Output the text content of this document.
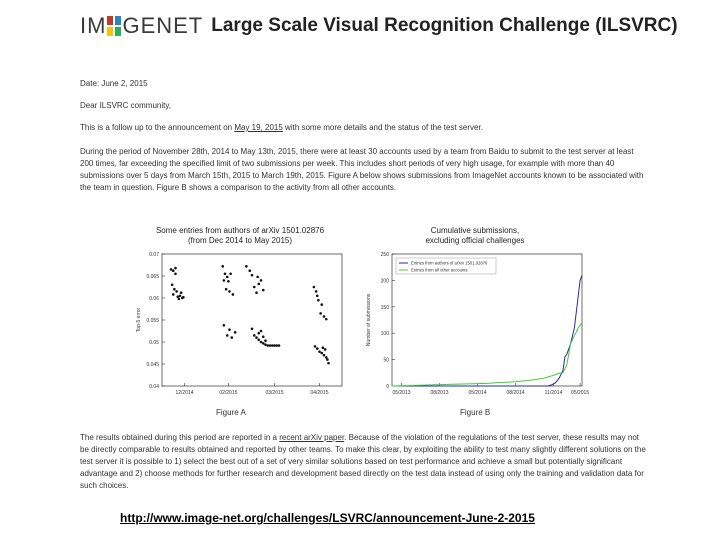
IM GENET Large Scale Visual Recognition Challenge (ILSVRC)

Date: June 2, 2015

Dear ILSVRC community,

This is a follow up to the announcement on May 19, 2015 with some more details and the status of the test server.

During the period of November 28th, 2014 to May 13th, 2015, there were at least 30 accounts used by a team from Baidu to submit to the test server at least 200 times, far exceeding the specified limit of two submissions per week. This includes short periods of very high usage, for example with more than 40 submissions over 5 days from March 15th, 2015 to March 19th, 2015. Figure A below shows submissions from ImageNet accounts known to be associated with the team in question. Figure B shows a comparison to the activity from all other accounts.

Some entries from authors of arXiv 1501.02876
(from Dec 2014 to May 2015)
Cumulative submissions,
excluding official challenges
0.04
0.045
0.05
0.055
0.06
0.065
0.07
12/2014	02/2015	03/2015	04/2015
Top-5 error
0
50
100
150
200
250
05/2013	08/2013	05/2014	08/2014	11/2014 05/2015
Number of submissions
Entries from authors of arXiv 1501.02876
Entries from all other accounts
Figure A	Figure B

The results obtained during this period are reported in a recent arXiv paper. Because of the violation of the regulations of the test server, these results may not be directly comparable to results obtained and reported by other teams. To make this clear, by exploiting the ability to test many slightly different solutions on the test server it is possible to 1) select the best out of a set of very similar solutions based on test performance and achieve a small but potentially significant advantage and 2) choose methods for further research and development based directly on the test data instead of using only the training and validation data for such choices.

http://www.image-net.org/challenges/LSVRC/announcement-June-2-2015
